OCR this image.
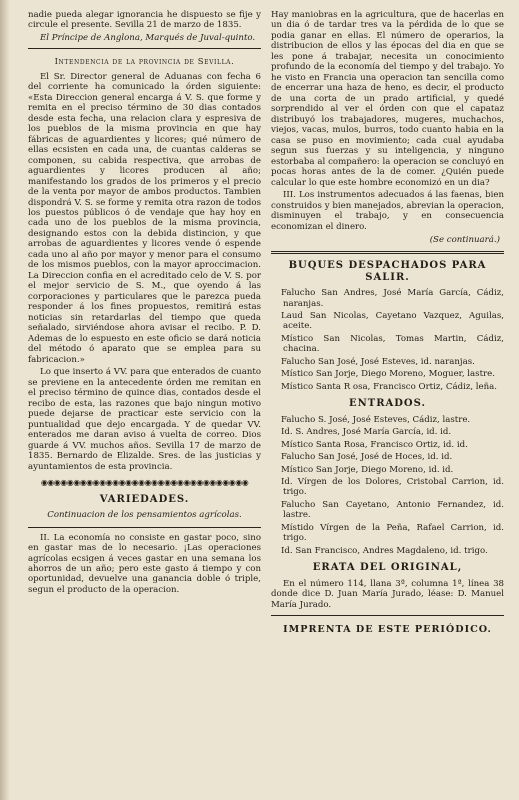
nadie pueda alegar ignorancia he dispuesto se fije y circule el presente. Sevilla 21 de marzo de 1835.

El Príncipe de Anglona, Marqués de Juval-quinto.

Intendencia de la provincia de Sevilla.

El Sr. Director general de Aduanas con fecha 6 del corriente ha comunicado la órden siguiente: «Esta Direccion general encarga á V. S. que forme y remita en el preciso término de 30 dias contados desde esta fecha, una relacion clara y espresiva de los pueblos de la misma provincia en que hay fábricas de aguardientes y licores; qué número de ellas ecsisten en cada una, de cuantas calderas se componen, su cabida respectiva, que arrobas de aguardientes y licores producen al año; manifestando los grados de los primeros y el precio de la venta por mayor de ambos productos. Tambien dispondrá V. S. se forme y remita otra razon de todos los puestos públicos ó de vendaje que hay hoy en cada uno de los pueblos de la misma provincia, designando estos con la debida distincion, y que arrobas de aguardientes y licores vende ó espende cada uno al año por mayor y menor para el consumo de los mismos pueblos, con la mayor aproccimacion. La Direccion confia en el acreditado celo de V. S. por el mejor servicio de S. M., que oyendo á las corporaciones y particulares que le parezca pueda responder á los fines propuestos, remitirá estas noticias sin retardarlas del tiempo que queda señalado, sirviéndose ahora avisar el recibo. P. D. Ademas de lo espuesto en este oficio se dará noticia del método ó aparato que se emplea para su fabricacion.»

Lo que inserto á VV. para que enterados de cuanto se previene en la antecedente órden me remitan en el preciso término de quince dias, contados desde el recibo de esta, las razones que bajo ningun motivo puede dejarse de practicar este servicio con la puntualidad que dejo encargada. Y de quedar VV. enterados me daran aviso á vuelta de correo. Dios guarde á VV. muchos años. Sevilla 17 de marzo de 1835. Bernardo de Elizalde. Sres. de las justicias y ayuntamientos de esta provincia.

◉◉◉◉◉◉◉◉◉◉◉◉◉◉◉◉◉◉◉◉◉◉◉◉◉◉◉◉◉◉◉◉
VARIEDADES.
Continuacion de los pensamientos agrícolas.

II. La economía no consiste en gastar poco, sino en gastar mas de lo necesario. ¡Las operaciones agrícolas ecsigen á veces gastar en una semana los ahorros de un año; pero este gasto á tiempo y con oportunidad, devuelve una ganancia doble ó triple, segun el producto de la operacion.

Hay maniobras en la agricultura, que de hacerlas en un dia ó de tardar tres va la pérdida de lo que se podia ganar en ellas. El número de operarios, la distribucion de ellos y las épocas del dia en que se les pone á trabajar, necesita un conocimiento profundo de la economía del tiempo y del trabajo. Yo he visto en Francia una operacion tan sencilla como de encerrar una haza de heno, es decir, el producto de una corta de un prado artificial, y quedé sorprendido al ver el órden con que el capataz distribuyó los trabajadores, mugeres, muchachos, viejos, vacas, mulos, burros, todo cuanto habia en la casa se puso en movimiento; cada cual ayudaba segun sus fuerzas y su inteligencia, y ninguno estorbaba al compañero: la operacion se concluyó en pocas horas antes de la de comer. ¿Quién puede calcular lo que este hombre economizó en un dia?

III. Los instrumentos adecuados á las faenas, bien construidos y bien manejados, abrevian la operacion, disminuyen el trabajo, y en consecuencia economizan el dinero.

(Se continuará.)
BUQUES DESPACHADOS PARA SALIR.

Falucho San Andres, José María García, Cádiz, naranjas.

Laud San Nicolas, Cayetano Vazquez, Aguilas, aceite.

Místico San Nicolas, Tomas Martin, Cádiz, chacina.

Falucho San José, José Esteves, id. naranjas.

Místico San Jorje, Diego Moreno, Moguer, lastre.

Místico Santa R osa, Francisco Ortiz, Cádiz, leña.

ENTRADOS.

Falucho S. José, José Esteves, Cádiz, lastre.

Id. S. Andres, José María García, id. id.

Místico Santa Rosa, Francisco Ortiz, id. id.

Falucho San José, José de Hoces, id. id.

Místico San Jorje, Diego Moreno, id. id.

Id. Vírgen de los Dolores, Cristobal Carrion, id. trigo.

Falucho San Cayetano, Antonio Fernandez, id. lastre.

Místido Vírgen de la Peña, Rafael Carrion, id. trigo.

Id. San Francisco, Andres Magdaleno, id. trigo.

ERATA DEL ORIGINAL,

En el número 114, llana 3ª, columna 1ª, línea 38 donde dice D. Juan María Jurado, léase: D. Manuel María Jurado.

IMPRENTA DE ESTE PERIÓDICO.
